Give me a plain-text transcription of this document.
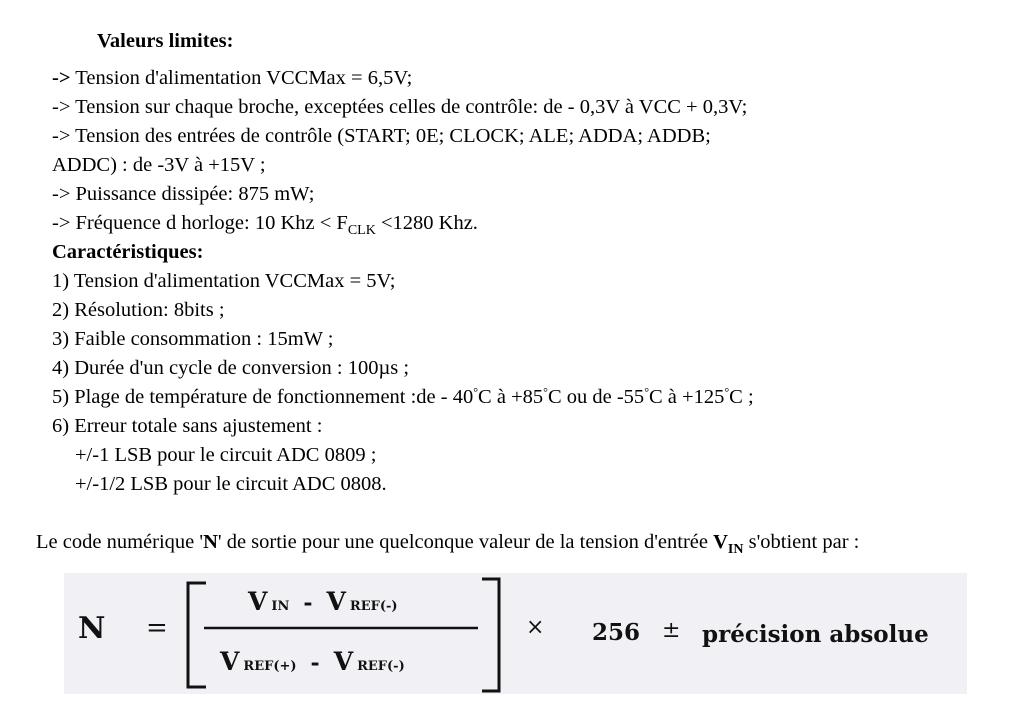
Valeurs limites:
-> Tension d'alimentation VCCMax = 6,5V;
-> Tension sur chaque broche, exceptées celles de contrôle: de - 0,3V à VCC + 0,3V;
-> Tension des entrées de contrôle (START; 0E; CLOCK; ALE; ADDA; ADDB;
ADDC) : de -3V à +15V ;
-> Puissance dissipée: 875 mW;
-> Fréquence d horloge: 10 Khz < $F_{CLK} <1280$ Khz.
Caractéristiques:
1) Tension d'alimentation VCCMax = 5V;
2) Résolution: 8bits ;
3) Faible consommation : 15mW ;
4) Durée d'un cycle de conversion : 100µs ;
5) Plage de température de fonctionnement :de - 40°C à +85°C ou de -55°C à +125°C ;
6) Erreur totale sans ajustement :
+/-1 LSB pour le circuit ADC 0809 ;
+/-1/2 LSB pour le circuit ADC 0808.
Le code numérique 'N' de sortie pour une quelconque valeur de la tension d'entrée $V_{IN}$ s'obtient par :
N =
VIN - V REF(-)
VREF(+) - V REF(-)
× 256 ± précision absolue
